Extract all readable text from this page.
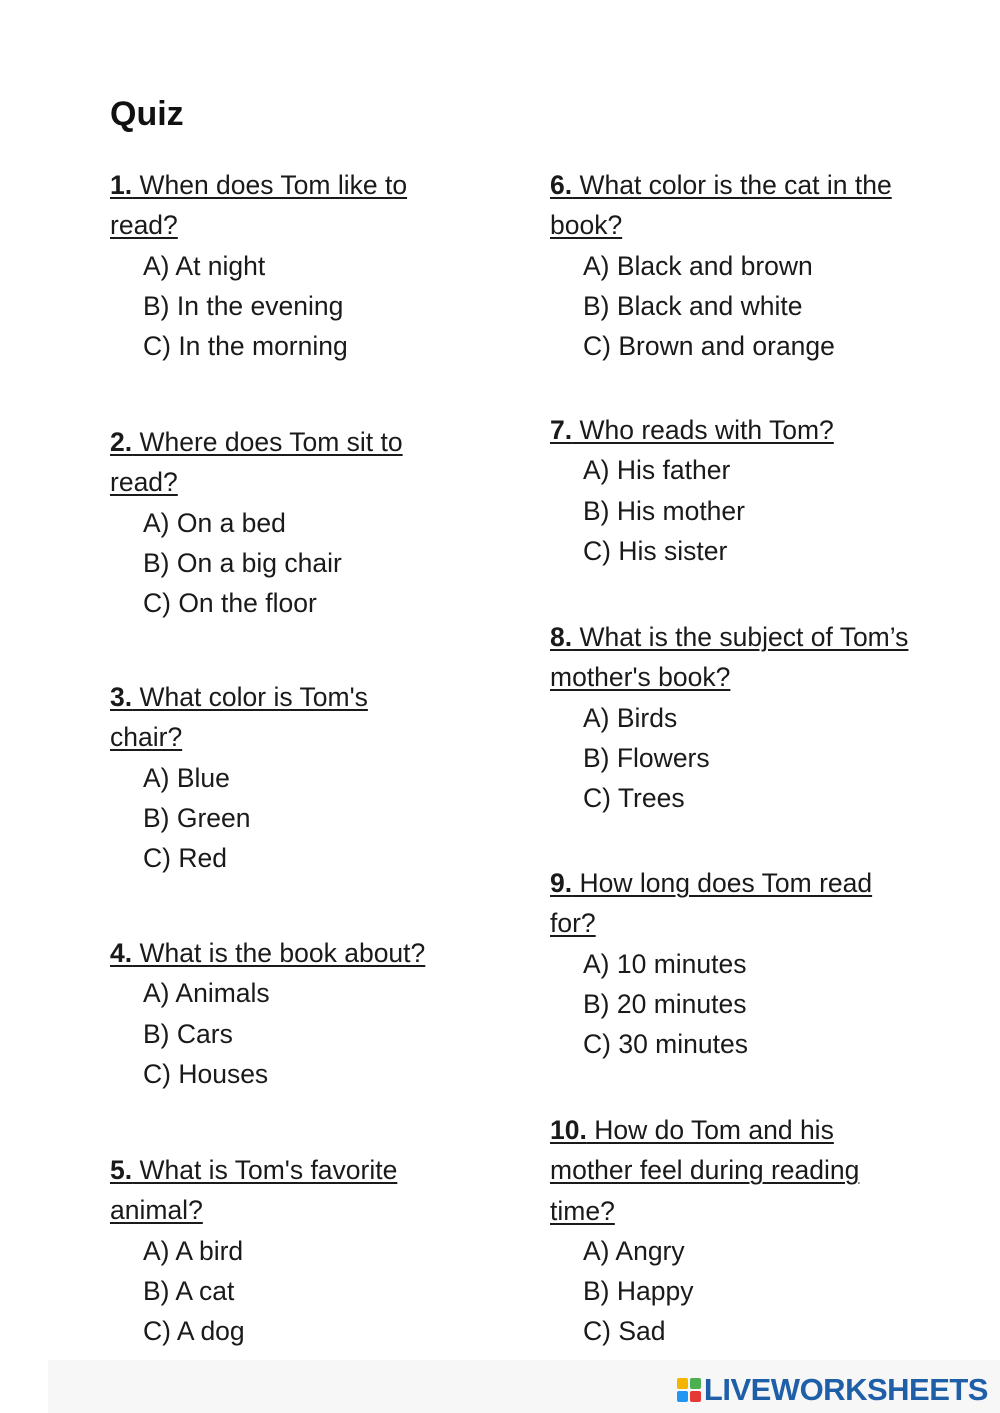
Quiz

1. When does Tom like to read?

A) At night

B) In the evening

C) In the morning

2. Where does Tom sit to read?

A) On a bed

B) On a big chair

C) On the floor

3. What color is Tom's chair?

A) Blue

B) Green

C) Red

4. What is the book about?

A) Animals

B) Cars

C) Houses

5. What is Tom's favorite animal?

A) A bird

B) A cat

C) A dog

6. What color is the cat in the book?

A) Black and brown

B) Black and white

C) Brown and orange

7. Who reads with Tom?

A) His father

B) His mother

C) His sister

8. What is the subject of Tom’s mother's book?

A) Birds

B) Flowers

C) Trees

9. How long does Tom read for?

A) 10 minutes

B) 20 minutes

C) 30 minutes

10. How do Tom and his mother feel during reading time?

A) Angry

B) Happy

C) Sad

LIVEWORKSHEETS
